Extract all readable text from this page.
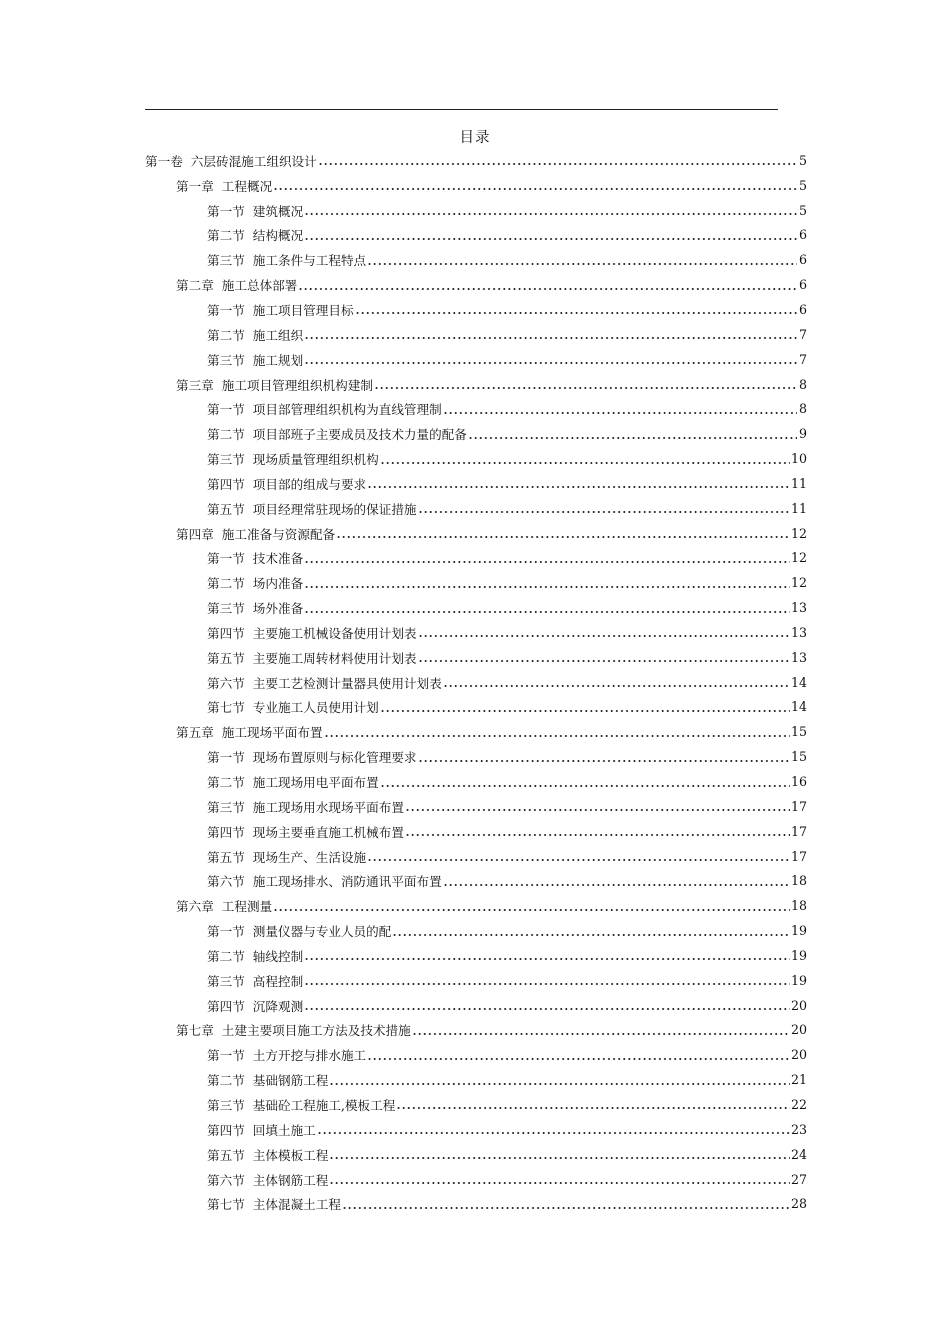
目录
第一卷 六层砖混施工组织设计	5
第一章 工程概况	5
第一节 建筑概况	5
第二节 结构概况	6
第三节 施工条件与工程特点	6
第二章 施工总体部署	6
第一节 施工项目管理目标	6
第二节 施工组织	7
第三节 施工规划	7
第三章 施工项目管理组织机构建制	8
第一节 项目部管理组织机构为直线管理制	8
第二节 项目部班子主要成员及技术力量的配备	9
第三节 现场质量管理组织机构	10
第四节 项目部的组成与要求	11
第五节 项目经理常驻现场的保证措施	11
第四章 施工准备与资源配备	12
第一节 技术准备	12
第二节 场内准备	12
第三节 场外准备	13
第四节 主要施工机械设备使用计划表	13
第五节 主要施工周转材料使用计划表	13
第六节 主要工艺检测计量器具使用计划表	14
第七节 专业施工人员使用计划	14
第五章 施工现场平面布置	15
第一节 现场布置原则与标化管理要求	15
第二节 施工现场用电平面布置	16
第三节 施工现场用水现场平面布置	17
第四节 现场主要垂直施工机械布置	17
第五节 现场生产、生活设施	17
第六节 施工现场排水、消防通讯平面布置	18
第六章 工程测量	18
第一节 测量仪器与专业人员的配	19
第二节 轴线控制	19
第三节 高程控制	19
第四节 沉降观测	20
第七章 土建主要项目施工方法及技术措施	20
第一节 土方开挖与排水施工	20
第二节 基础钢筋工程	21
第三节 基础砼工程施工,模板工程	22
第四节 回填土施工	23
第五节 主体模板工程	24
第六节 主体钢筋工程	27
第七节 主体混凝土工程	28
